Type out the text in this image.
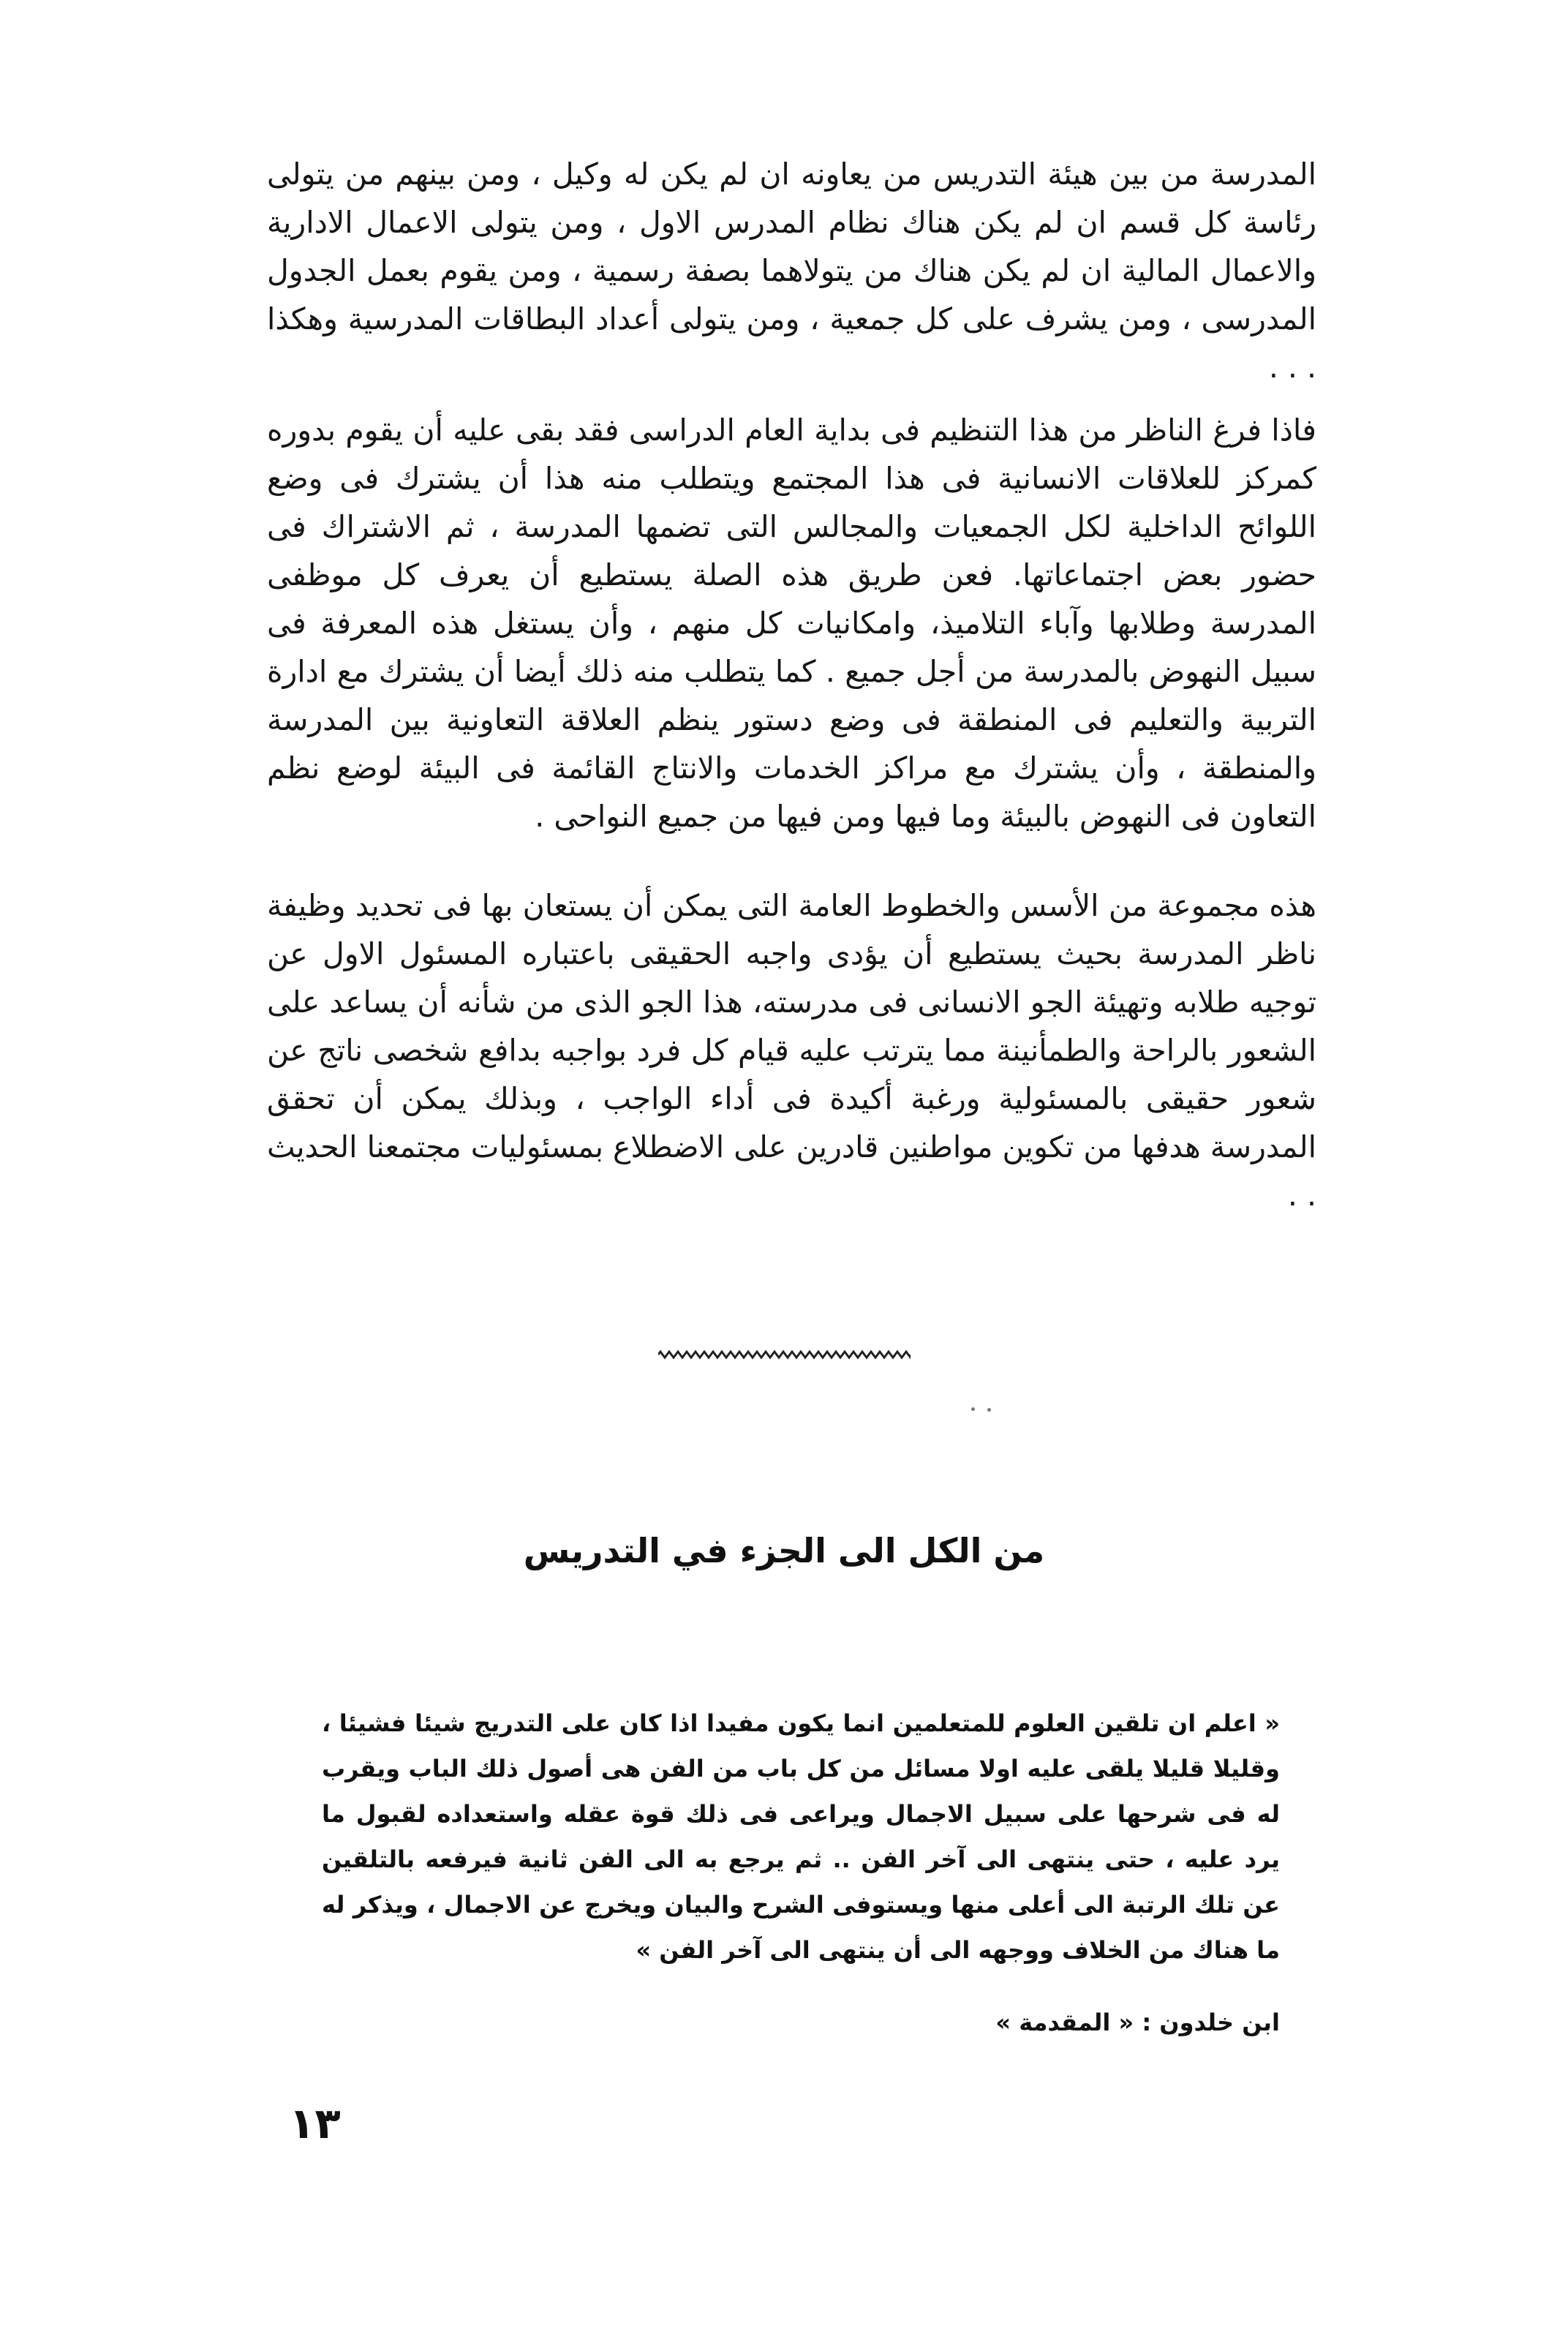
المدرسة من بين هيئة التدريس من يعاونه ان لم يكن له وكيل ، ومن بينهم من يتولى رئاسة كل قسم ان لم يكن هناك نظام المدرس الاول ، ومن يتولى الاعمال الادارية والاعمال المالية ان لم يكن هناك من يتولاهما بصفة رسمية ، ومن يقوم بعمل الجدول المدرسى ، ومن يشرف على كل جمعية ، ومن يتولى أعداد البطاقات المدرسية وهكذا . . .

فاذا فرغ الناظر من هذا التنظيم فى بداية العام الدراسى فقد بقى عليه أن يقوم بدوره كمركز للعلاقات الانسانية فى هذا المجتمع ويتطلب منه هذا أن يشترك فى وضع اللوائح الداخلية لكل الجمعيات والمجالس التى تضمها المدرسة ، ثم الاشتراك فى حضور بعض اجتماعاتها. فعن طريق هذه الصلة يستطيع أن يعرف كل موظفى المدرسة وطلابها وآباء التلاميذ، وامكانيات كل منهم ، وأن يستغل هذه المعرفة فى سبيل النهوض بالمدرسة من أجل جميع . كما يتطلب منه ذلك أيضا أن يشترك مع ادارة التربية والتعليم فى المنطقة فى وضع دستور ينظم العلاقة التعاونية بين المدرسة والمنطقة ، وأن يشترك مع مراكز الخدمات والانتاج القائمة فى البيئة لوضع نظم التعاون فى النهوض بالبيئة وما فيها ومن فيها من جميع النواحى .

هذه مجموعة من الأسس والخطوط العامة التى يمكن أن يستعان بها فى تحديد وظيفة ناظر المدرسة بحيث يستطيع أن يؤدى واجبه الحقيقى باعتباره المسئول الاول عن توجيه طلابه وتهيئة الجو الانسانى فى مدرسته، هذا الجو الذى من شأنه أن يساعد على الشعور بالراحة والطمأنينة مما يترتب عليه قيام كل فرد بواجبه بدافع شخصى ناتج عن شعور حقيقى بالمسئولية ورغبة أكيدة فى أداء الواجب ، وبذلك يمكن أن تحقق المدرسة هدفها من تكوين مواطنين قادرين على الاضطلاع بمسئوليات مجتمعنا الحديث . .

من الكل الى الجزء في التدريس

« اعلم ان تلقين العلوم للمتعلمين انما يكون مفيدا اذا كان على التدريج شيئا فشيئا ، وقليلا قليلا يلقى عليه اولا مسائل من كل باب من الفن هى أصول ذلك الباب ويقرب له فى شرحها على سبيل الاجمال ويراعى فى ذلك قوة عقله واستعداده لقبول ما يرد عليه ، حتى ينتهى الى آخر الفن .. ثم يرجع به الى الفن ثانية فيرفعه بالتلقين عن تلك الرتبة الى أعلى منها ويستوفى الشرح والبيان ويخرج عن الاجمال ، ويذكر له ما هناك من الخلاف ووجهه الى أن ينتهى الى آخر الفن »

ابن خلدون : « المقدمة »

١٣
